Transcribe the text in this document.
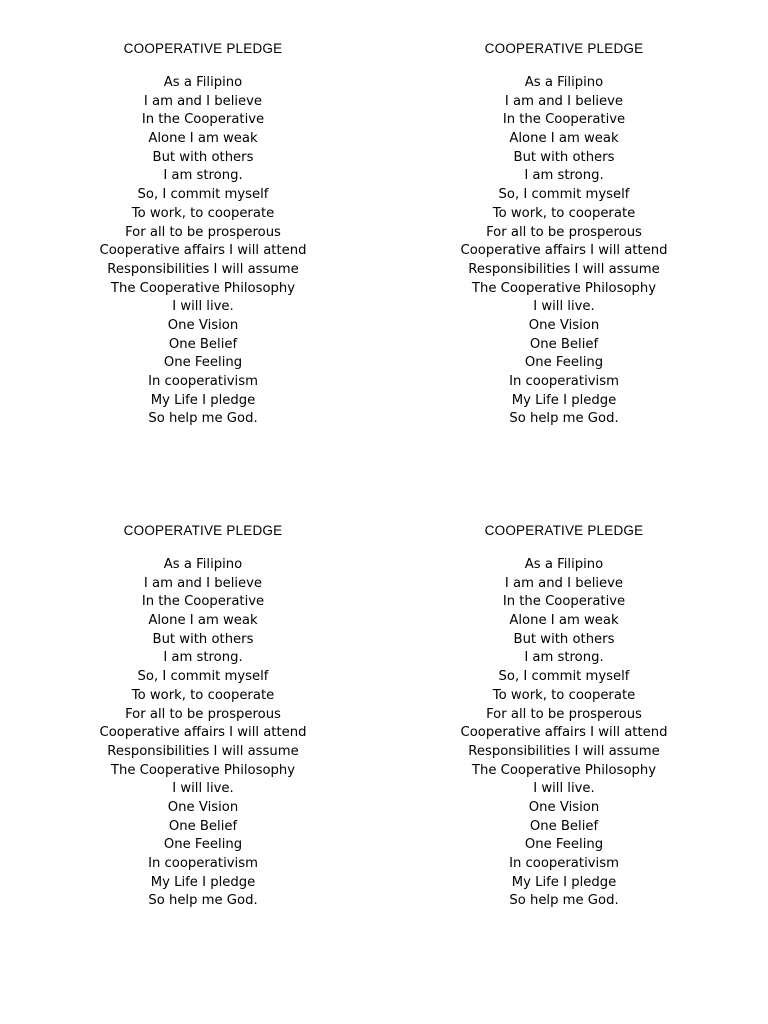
COOPERATIVE PLEDGE
As a Filipino
I am and I believe
In the Cooperative
Alone I am weak
But with others
I am strong.
So, I commit myself
To work, to cooperate
For all to be prosperous
Cooperative affairs I will attend
Responsibilities I will assume
The Cooperative Philosophy
I will live.
One Vision
One Belief
One Feeling
In cooperativism
My Life I pledge
So help me God.
COOPERATIVE PLEDGE
As a Filipino
I am and I believe
In the Cooperative
Alone I am weak
But with others
I am strong.
So, I commit myself
To work, to cooperate
For all to be prosperous
Cooperative affairs I will attend
Responsibilities I will assume
The Cooperative Philosophy
I will live.
One Vision
One Belief
One Feeling
In cooperativism
My Life I pledge
So help me God.
COOPERATIVE PLEDGE
As a Filipino
I am and I believe
In the Cooperative
Alone I am weak
But with others
I am strong.
So, I commit myself
To work, to cooperate
For all to be prosperous
Cooperative affairs I will attend
Responsibilities I will assume
The Cooperative Philosophy
I will live.
One Vision
One Belief
One Feeling
In cooperativism
My Life I pledge
So help me God.
COOPERATIVE PLEDGE
As a Filipino
I am and I believe
In the Cooperative
Alone I am weak
But with others
I am strong.
So, I commit myself
To work, to cooperate
For all to be prosperous
Cooperative affairs I will attend
Responsibilities I will assume
The Cooperative Philosophy
I will live.
One Vision
One Belief
One Feeling
In cooperativism
My Life I pledge
So help me God.
